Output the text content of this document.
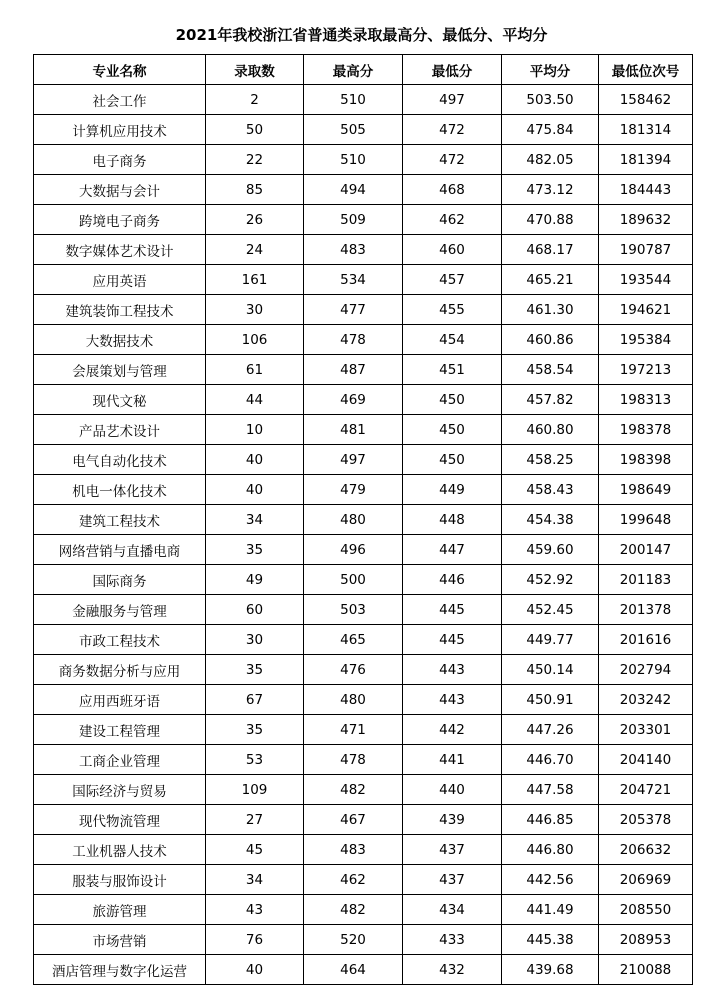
2021年我校浙江省普通类录取最高分、最低分、平均分
专业名称	录取数	最高分	最低分	平均分	最低位次号
社会工作	2	510	497	503.50	158462
计算机应用技术	50	505	472	475.84	181314
电子商务	22	510	472	482.05	181394
大数据与会计	85	494	468	473.12	184443
跨境电子商务	26	509	462	470.88	189632
数字媒体艺术设计	24	483	460	468.17	190787
应用英语	161	534	457	465.21	193544
建筑装饰工程技术	30	477	455	461.30	194621
大数据技术	106	478	454	460.86	195384
会展策划与管理	61	487	451	458.54	197213
现代文秘	44	469	450	457.82	198313
产品艺术设计	10	481	450	460.80	198378
电气自动化技术	40	497	450	458.25	198398
机电一体化技术	40	479	449	458.43	198649
建筑工程技术	34	480	448	454.38	199648
网络营销与直播电商	35	496	447	459.60	200147
国际商务	49	500	446	452.92	201183
金融服务与管理	60	503	445	452.45	201378
市政工程技术	30	465	445	449.77	201616
商务数据分析与应用	35	476	443	450.14	202794
应用西班牙语	67	480	443	450.91	203242
建设工程管理	35	471	442	447.26	203301
工商企业管理	53	478	441	446.70	204140
国际经济与贸易	109	482	440	447.58	204721
现代物流管理	27	467	439	446.85	205378
工业机器人技术	45	483	437	446.80	206632
服装与服饰设计	34	462	437	442.56	206969
旅游管理	43	482	434	441.49	208550
市场营销	76	520	433	445.38	208953
酒店管理与数字化运营	40	464	432	439.68	210088
